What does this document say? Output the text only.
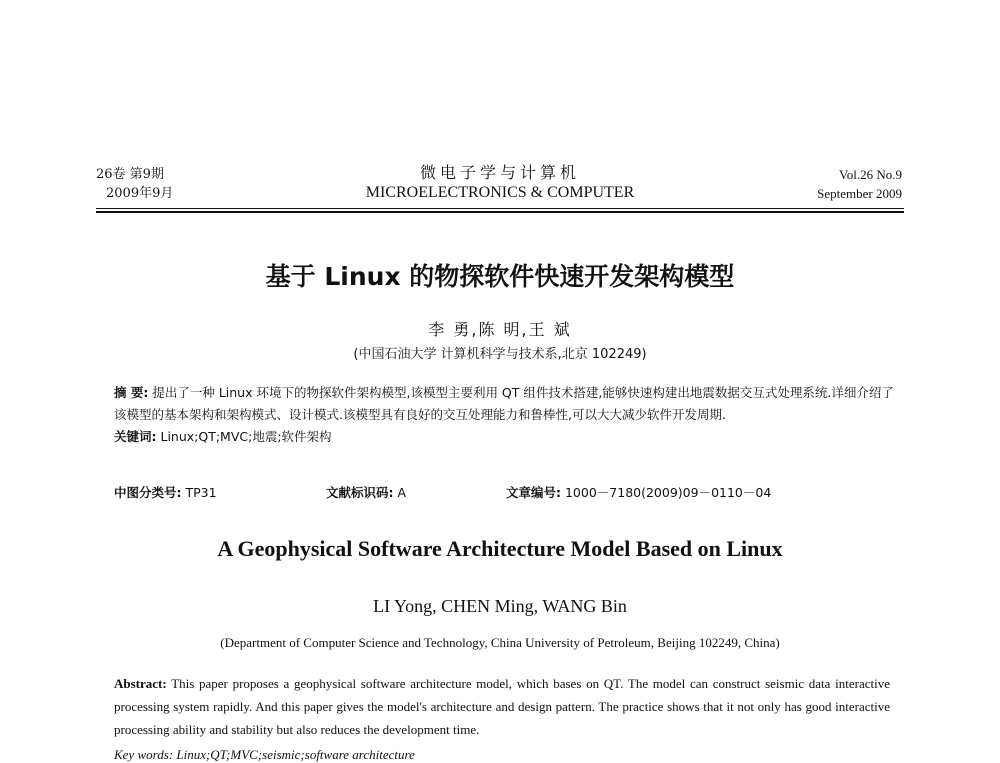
26卷 第9期
2009年9月
微电子学与计算机
MICROELECTRONICS & COMPUTER
Vol.26 No.9
September 2009
基于 Linux 的物探软件快速开发架构模型
李 勇,陈 明,王 斌
(中国石油大学 计算机科学与技术系,北京 102249)
摘 要: 提出了一种 Linux 环境下的物探软件架构模型,该模型主要利用 QT 组件技术搭建,能够快速构建出地震数据交互式处理系统.详细介绍了该模型的基本架构和架构模式、设计模式.该模型具有良好的交互处理能力和鲁棒性,可以大大减少软件开发周期.
关键词: Linux;QT;MVC;地震;软件架构
中图分类号: TP31	文献标识码: A	文章编号: 1000－7180(2009)09－0110－04
A Geophysical Software Architecture Model Based on Linux
LI Yong, CHEN Ming, WANG Bin
(Department of Computer Science and Technology, China University of Petroleum, Beijing 102249, China)
Abstract: This paper proposes a geophysical software architecture model, which bases on QT. The model can construct seismic data interactive processing system rapidly. And this paper gives the model's architecture and design pattern. The practice shows that it not only has good interactive processing ability and stability but also reduces the development time.
Key words: Linux;QT;MVC;seismic;software architecture
